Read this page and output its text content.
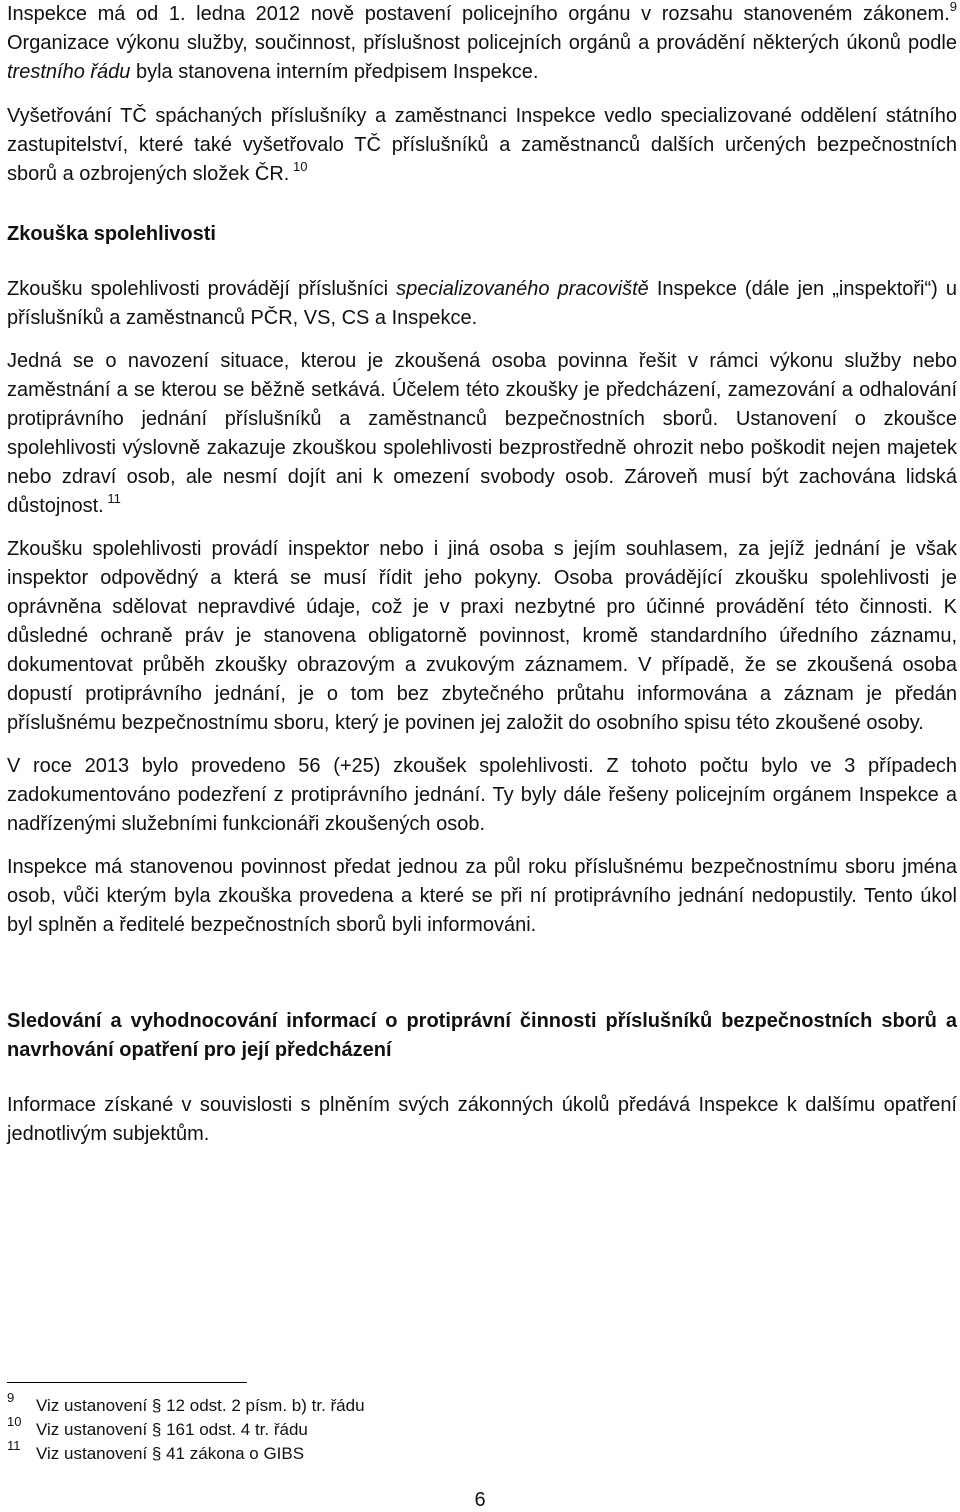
Inspekce má od 1. ledna 2012 nově postavení policejního orgánu v rozsahu stanoveném zákonem.$^9$ Organizace výkonu služby, součinnost, příslušnost policejních orgánů a provádění některých úkonů podle trestního řádu byla stanovena interním předpisem Inspekce.

Vyšetřování TČ spáchaných příslušníky a zaměstnanci Inspekce vedlo specializované oddělení státního zastupitelství, které také vyšetřovalo TČ příslušníků a zaměstnanců dalších určených bezpečnostních sborů a ozbrojených složek ČR. $^{10}$

Zkouška spolehlivosti

Zkoušku spolehlivosti provádějí příslušníci specializovaného pracoviště Inspekce (dále jen „inspektoři“) u příslušníků a zaměstnanců PČR, VS, CS a Inspekce.

Jedná se o navození situace, kterou je zkoušená osoba povinna řešit v rámci výkonu služby nebo zaměstnání a se kterou se běžně setkává. Účelem této zkoušky je předcházení, zamezování a odhalování protiprávního jednání příslušníků a zaměstnanců bezpečnostních sborů. Ustanovení o zkoušce spolehlivosti výslovně zakazuje zkouškou spolehlivosti bezprostředně ohrozit nebo poškodit nejen majetek nebo zdraví osob, ale nesmí dojít ani k omezení svobody osob. Zároveň musí být zachována lidská důstojnost. $^{11}$

Zkoušku spolehlivosti provádí inspektor nebo i jiná osoba s jejím souhlasem, za jejíž jednání je však inspektor odpovědný a která se musí řídit jeho pokyny. Osoba provádějící zkoušku spolehlivosti je oprávněna sdělovat nepravdivé údaje, což je v praxi nezbytné pro účinné provádění této činnosti. K důsledné ochraně práv je stanovena obligatorně povinnost, kromě standardního úředního záznamu, dokumentovat průběh zkoušky obrazovým a zvukovým záznamem. V případě, že se zkoušená osoba dopustí protiprávního jednání, je o tom bez zbytečného průtahu informována a záznam je předán příslušnému bezpečnostnímu sboru, který je povinen jej založit do osobního spisu této zkoušené osoby.

V roce 2013 bylo provedeno 56 (+25) zkoušek spolehlivosti. Z tohoto počtu bylo ve 3 případech zadokumentováno podezření z protiprávního jednání. Ty byly dále řešeny policejním orgánem Inspekce a nadřízenými služebními funkcionáři zkoušených osob.

Inspekce má stanovenou povinnost předat jednou za půl roku příslušnému bezpečnostnímu sboru jména osob, vůči kterým byla zkouška provedena a které se při ní protiprávního jednání nedopustily. Tento úkol byl splněn a ředitelé bezpečnostních sborů byli informováni.

Sledování a vyhodnocování informací o protiprávní činnosti příslušníků bezpečnostních sborů a navrhování opatření pro její předcházení

Informace získané v souvislosti s plněním svých zákonných úkolů předává Inspekce k dalšímu opatření jednotlivým subjektům.

9 Viz ustanovení § 12 odst. 2 písm. b) tr. řádu
10 Viz ustanovení § 161 odst. 4 tr. řádu
11 Viz ustanovení § 41 zákona o GIBS
6
